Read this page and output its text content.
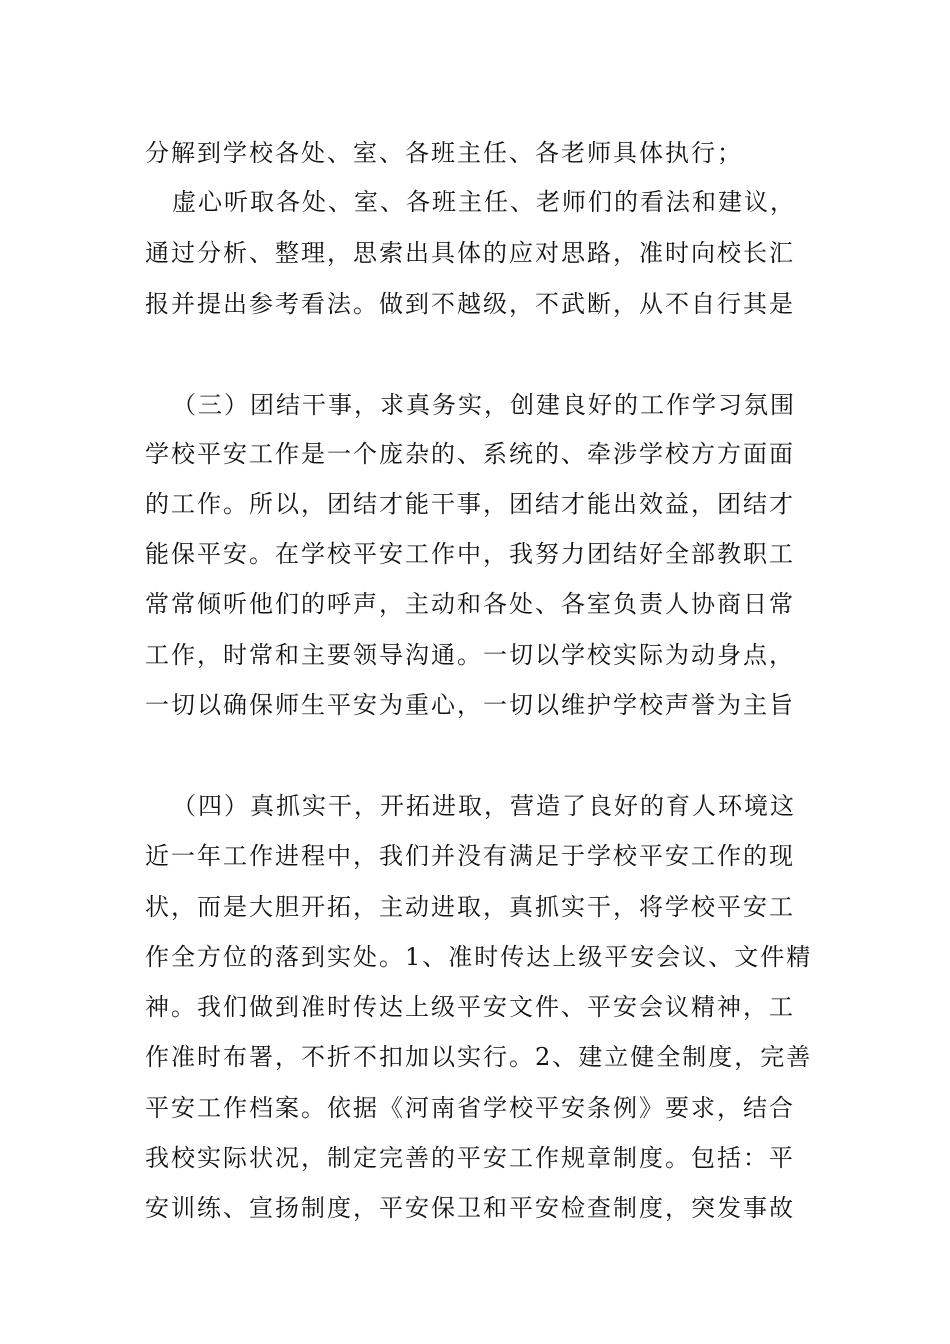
分解到学校各处、室、各班主任、各老师具体执行；
虚心听取各处、室、各班主任、老师们的看法和建议，
通过分析、整理，思索出具体的应对思路，准时向校长汇
报并提出参考看法。做到不越级，不武断，从不自行其是
（三）团结干事，求真务实，创建良好的工作学习氛围
学校平安工作是一个庞杂的、系统的、牵涉学校方方面面
的工作。所以，团结才能干事，团结才能出效益，团结才
能保平安。在学校平安工作中，我努力团结好全部教职工
常常倾听他们的呼声，主动和各处、各室负责人协商日常
工作，时常和主要领导沟通。一切以学校实际为动身点，
一切以确保师生平安为重心，一切以维护学校声誉为主旨
（四）真抓实干，开拓进取，营造了良好的育人环境这
近一年工作进程中，我们并没有满足于学校平安工作的现
状，而是大胆开拓，主动进取，真抓实干，将学校平安工
作全方位的落到实处。1、准时传达上级平安会议、文件精
神。我们做到准时传达上级平安文件、平安会议精神，工
作准时布署，不折不扣加以实行。2、建立健全制度，完善
平安工作档案。依据《河南省学校平安条例》要求，结合
我校实际状况，制定完善的平安工作规章制度。包括：平
安训练、宣扬制度，平安保卫和平安检查制度，突发事故
